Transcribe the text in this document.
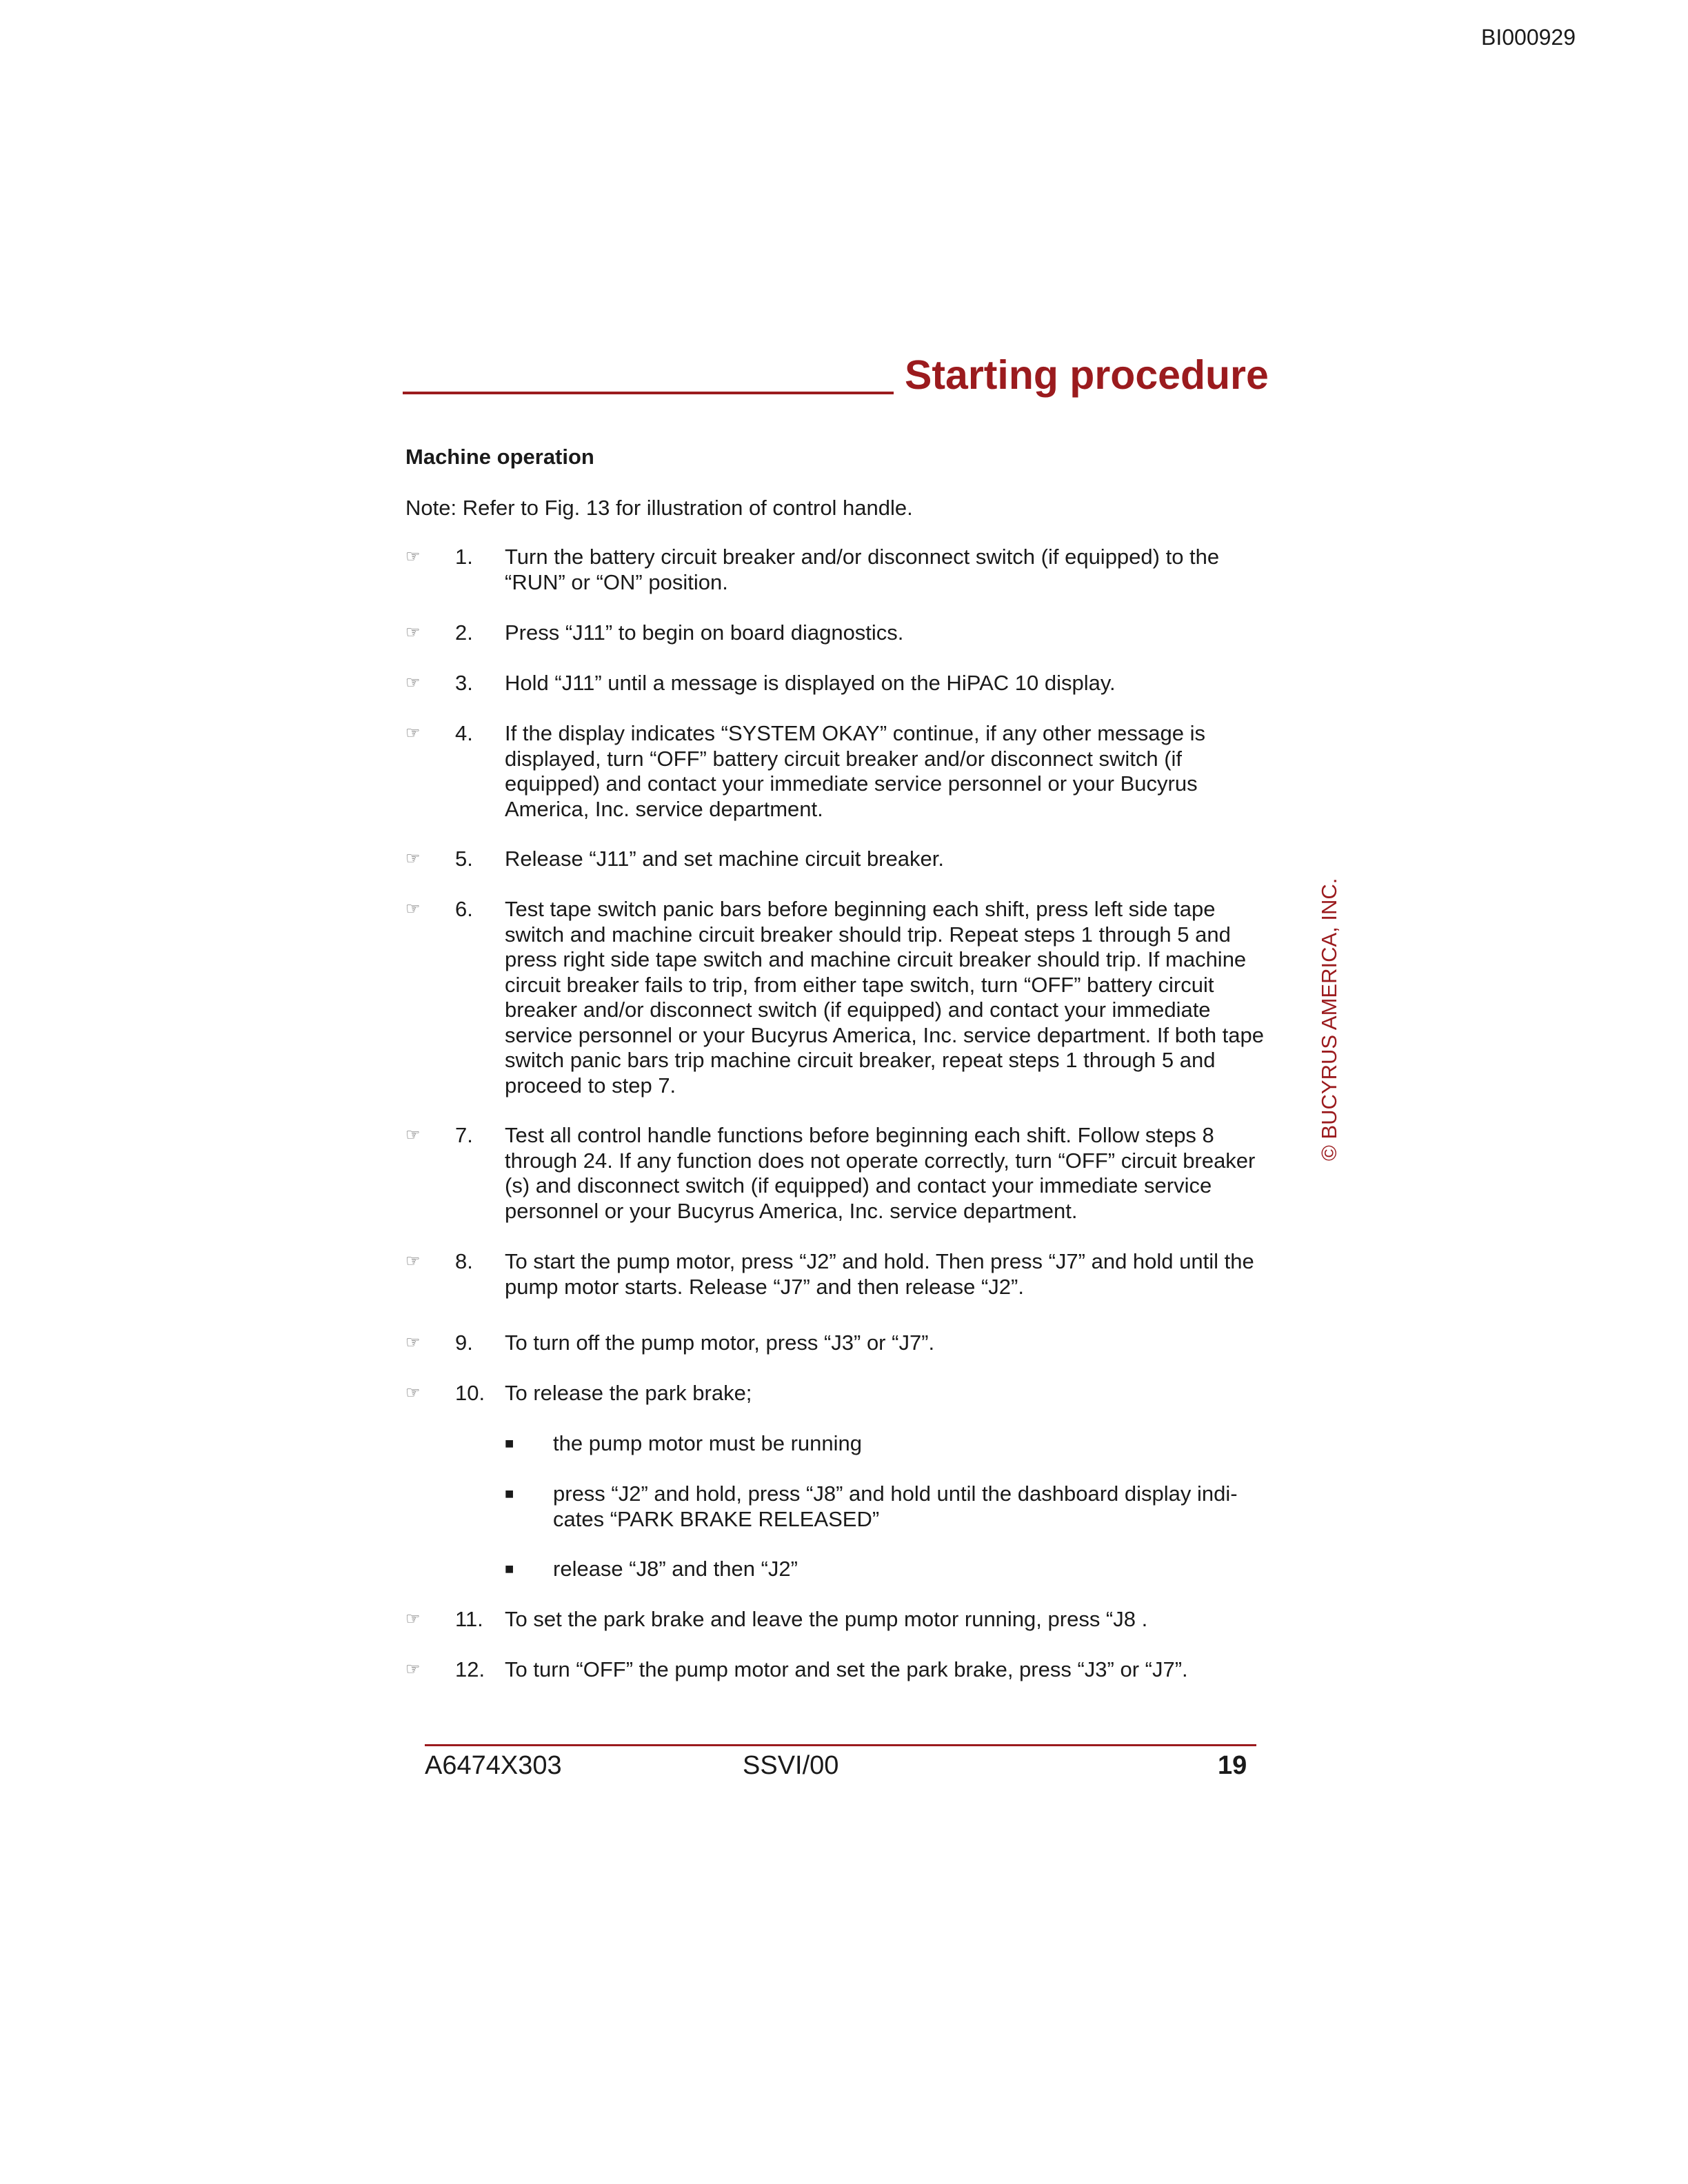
BI000929
Starting procedure
Machine operation
Note: Refer to Fig. 13 for illustration of control handle.
☞	1.	Turn the battery circuit breaker and/or disconnect switch (if equipped) to the “RUN” or “ON” position.
☞	2.	Press “J11” to begin on board diagnostics.
☞	3.	Hold “J11” until a message is displayed on the HiPAC 10 display.
☞	4.	If the display indicates “SYSTEM OKAY” continue, if any other message is displayed, turn “OFF” battery circuit breaker and/or disconnect switch (if equipped) and contact your immediate service personnel or your Bucyrus America, Inc. service department.
☞	5.	Release “J11” and set machine circuit breaker.
☞	6.	Test tape switch panic bars before beginning each shift, press left side tape switch and machine circuit breaker should trip. Repeat steps 1 through 5 and press right side tape switch and machine circuit breaker should trip. If machine circuit breaker fails to trip, from either tape switch, turn “OFF” battery circuit breaker and/or disconnect switch (if equipped) and contact your immediate service personnel or your Bucyrus America, Inc. service department. If both tape switch panic bars trip machine circuit breaker, repeat steps 1 through 5 and proceed to step 7.
☞	7.	Test all control handle functions before beginning each shift. Follow steps 8 through 24. If any function does not operate correctly, turn “OFF” circuit breaker (s) and disconnect switch (if equipped) and contact your immediate service personnel or your Bucyrus America, Inc. service department.
☞	8.	To start the pump motor, press “J2” and hold. Then press “J7” and hold until the pump motor starts. Release “J7” and then release “J2”.
☞	9.	To turn off the pump motor, press “J3” or “J7”.
☞	10. To release the park brake;
■ the pump motor must be running
■ press “J2” and hold, press “J8” and hold until the dashboard display indi-cates “PARK BRAKE RELEASED”
■ release “J8” and then “J2”
☞	11.	To set the park brake and leave the pump motor running, press “J8 .
☞	12. To turn “OFF” the pump motor and set the park brake, press “J3” or “J7”.
A6474X303	SSVI/00	19
© BUCYRUS AMERICA, INC.
